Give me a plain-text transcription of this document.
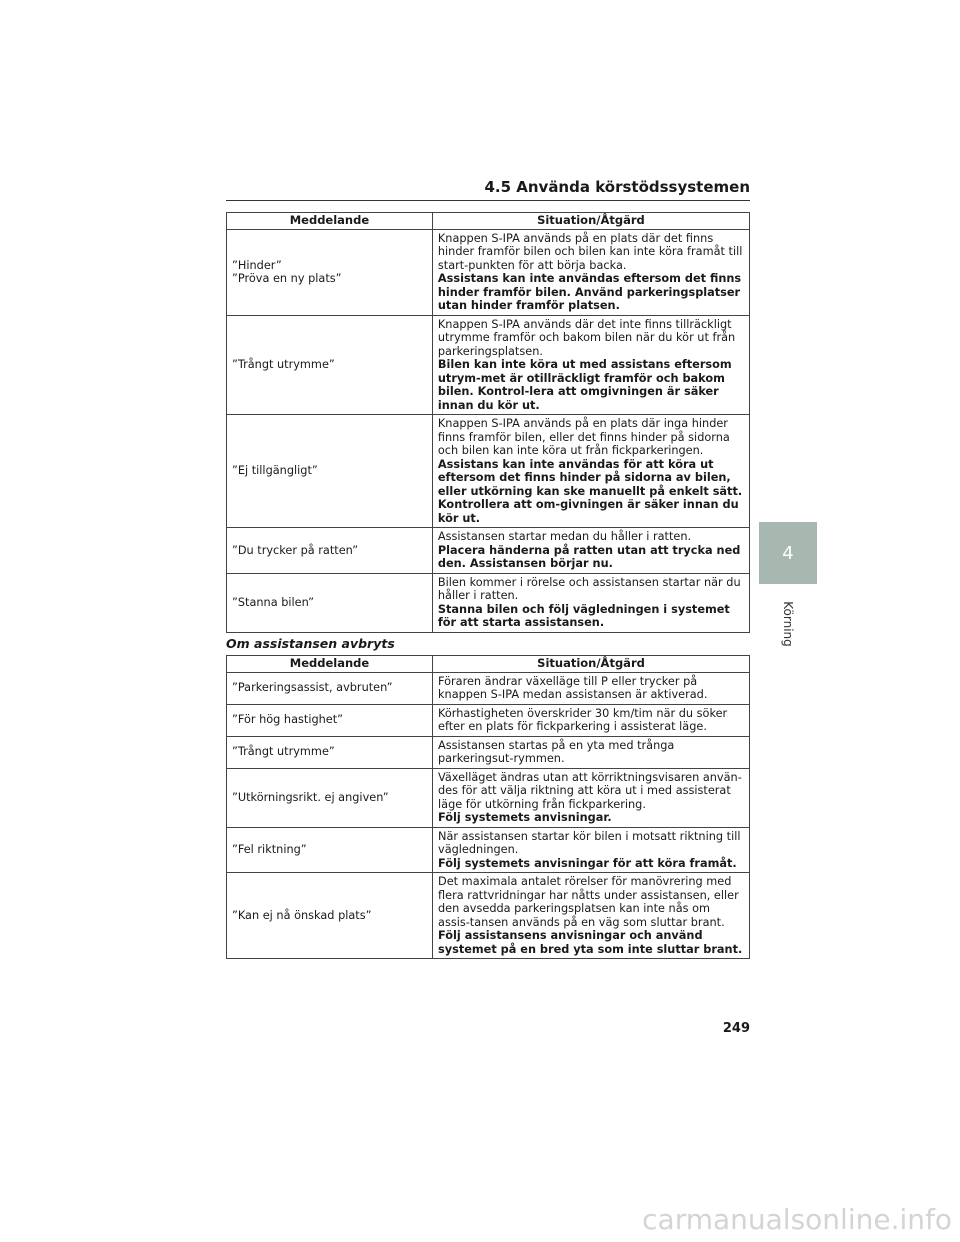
4.5 Använda körstödssystemen
Meddelande	Situation/Åtgärd

”Hinder”
”Pröva en ny plats”	Knappen S-IPA används på en plats där det finns hinder framför bilen och bilen kan inte köra framåt till start-punkten för att börja backa.
Assistans kan inte användas eftersom det finns hinder framför bilen. Använd parkeringsplatser utan hinder framför platsen.

”Trångt utrymme”	Knappen S-IPA används där det inte finns tillräckligt utrymme framför och bakom bilen när du kör ut från parkeringsplatsen.
Bilen kan inte köra ut med assistans eftersom utrym-met är otillräckligt framför och bakom bilen. Kontrol-lera att omgivningen är säker innan du kör ut.

”Ej tillgängligt”	Knappen S-IPA används på en plats där inga hinder finns framför bilen, eller det finns hinder på sidorna och bilen kan inte köra ut från fickparkeringen.
Assistans kan inte användas för att köra ut eftersom det finns hinder på sidorna av bilen, eller utkörning kan ske manuellt på enkelt sätt. Kontrollera att om-givningen är säker innan du kör ut.

”Du trycker på ratten”	Assistansen startar medan du håller i ratten.
Placera händerna på ratten utan att trycka ned den. Assistansen börjar nu.

”Stanna bilen”	Bilen kommer i rörelse och assistansen startar när du håller i ratten.
Stanna bilen och följ vägledningen i systemet för att starta assistansen.
Om assistansen avbryts
Meddelande	Situation/Åtgärd

”Parkeringsassist, avbruten”	Föraren ändrar växelläge till P eller trycker på knappen S-IPA medan assistansen är aktiverad.

”För hög hastighet”	Körhastigheten överskrider 30 km/tim när du söker efter en plats för fickparkering i assisterat läge.

”Trångt utrymme”	Assistansen startas på en yta med trånga parkeringsut-rymmen.

”Utkörningsrikt. ej angiven”	Växelläget ändras utan att körriktningsvisaren använ-des för att välja riktning att köra ut i med assisterat läge för utkörning från fickparkering.
Följ systemets anvisningar.

”Fel riktning”	När assistansen startar kör bilen i motsatt riktning till vägledningen.
Följ systemets anvisningar för att köra framåt.

”Kan ej nå önskad plats”	Det maximala antalet rörelser för manövrering med flera rattvridningar har nåtts under assistansen, eller den avsedda parkeringsplatsen kan inte nås om assis-tansen används på en väg som sluttar brant.
Följ assistansens anvisningar och använd systemet på en bred yta som inte sluttar brant.
4
Körning
249
carmanualsonline.info
